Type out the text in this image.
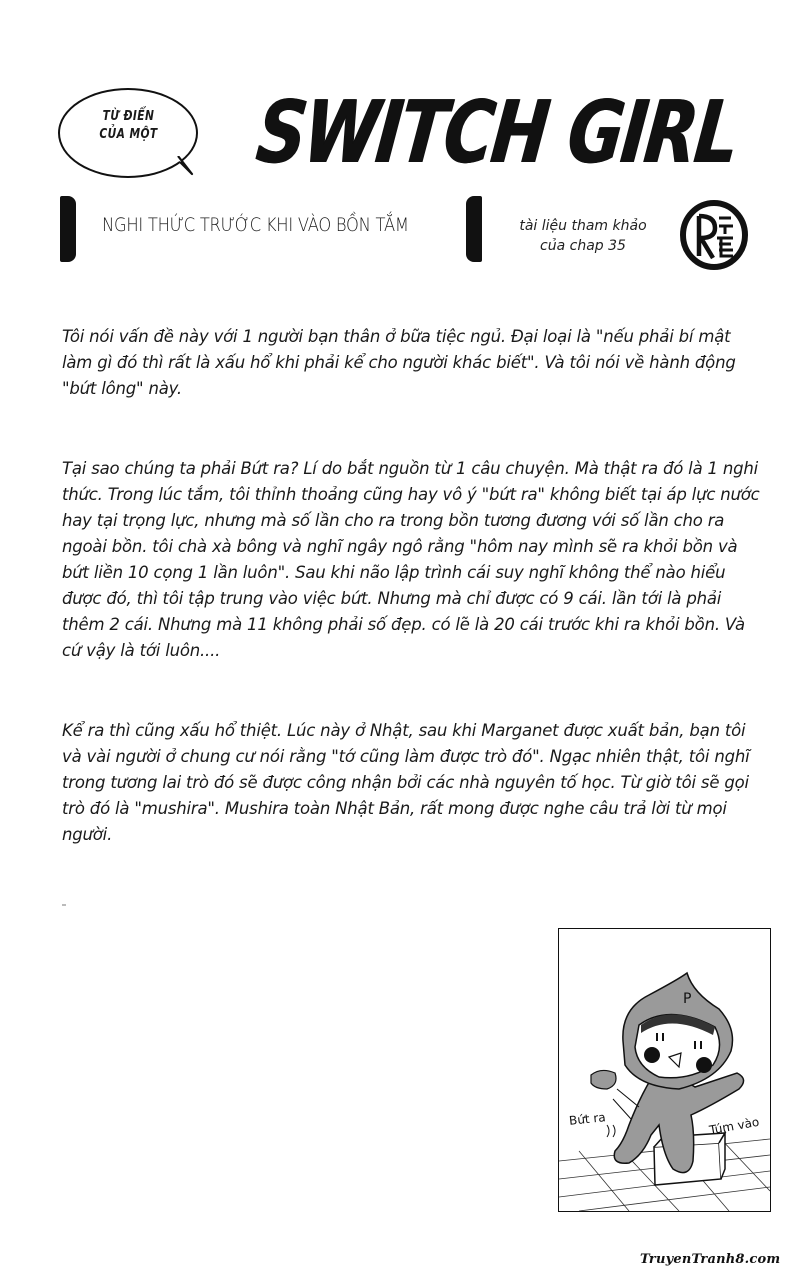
TỪ ĐIỂN
CỦA MỘT	SWITCH GIRL
NGHI THỨC TRƯỚC KHI VÀO BỒN TẮM	tài liệu tham khảo
của chap 35
Tôi nói vấn đề này với 1 người bạn thân ở bữa tiệc ngủ. Đại loại là "nếu phải bí mật làm gì đó thì rất là xấu hổ khi phải kể cho người khác biết". Và tôi nói về hành động "bứt lông" này.
Tại sao chúng ta phải Bứt ra? Lí do bắt nguồn từ 1 câu chuyện. Mà thật ra đó là 1 nghi thức. Trong lúc tắm, tôi thỉnh thoảng cũng hay vô ý "bứt ra" không biết tại áp lực nước hay tại trọng lực, nhưng mà số lần cho ra trong bồn tương đương với số lần cho ra ngoài bồn. tôi chà xà bông và nghĩ ngây ngô rằng "hôm nay mình sẽ ra khỏi bồn và bứt liền 10 cọng 1 lần luôn". Sau khi não lập trình cái suy nghĩ không thể nào hiểu được đó, thì tôi tập trung vào việc bứt. Nhưng mà chỉ được có 9 cái. lần tới là phải thêm 2 cái. Nhưng mà 11 không phải số đẹp. có lẽ là 20 cái trước khi ra khỏi bồn. Và cứ vậy là tới luôn....
Kể ra thì cũng xấu hổ thiệt. Lúc này ở Nhật, sau khi Marganet được xuất bản, bạn tôi và vài người ở chung cư nói rằng "tớ cũng làm được trò đó". Ngạc nhiên thật, tôi nghĩ trong tương lai trò đó sẽ được công nhận bởi các nhà nguyên tố học. Từ giờ tôi sẽ gọi trò đó là "mushira". Mushira toàn Nhật Bản, rất mong được nghe câu trả lời từ mọi người.
P
Bứt ra	Túm vào
TruyenTranh8.com
